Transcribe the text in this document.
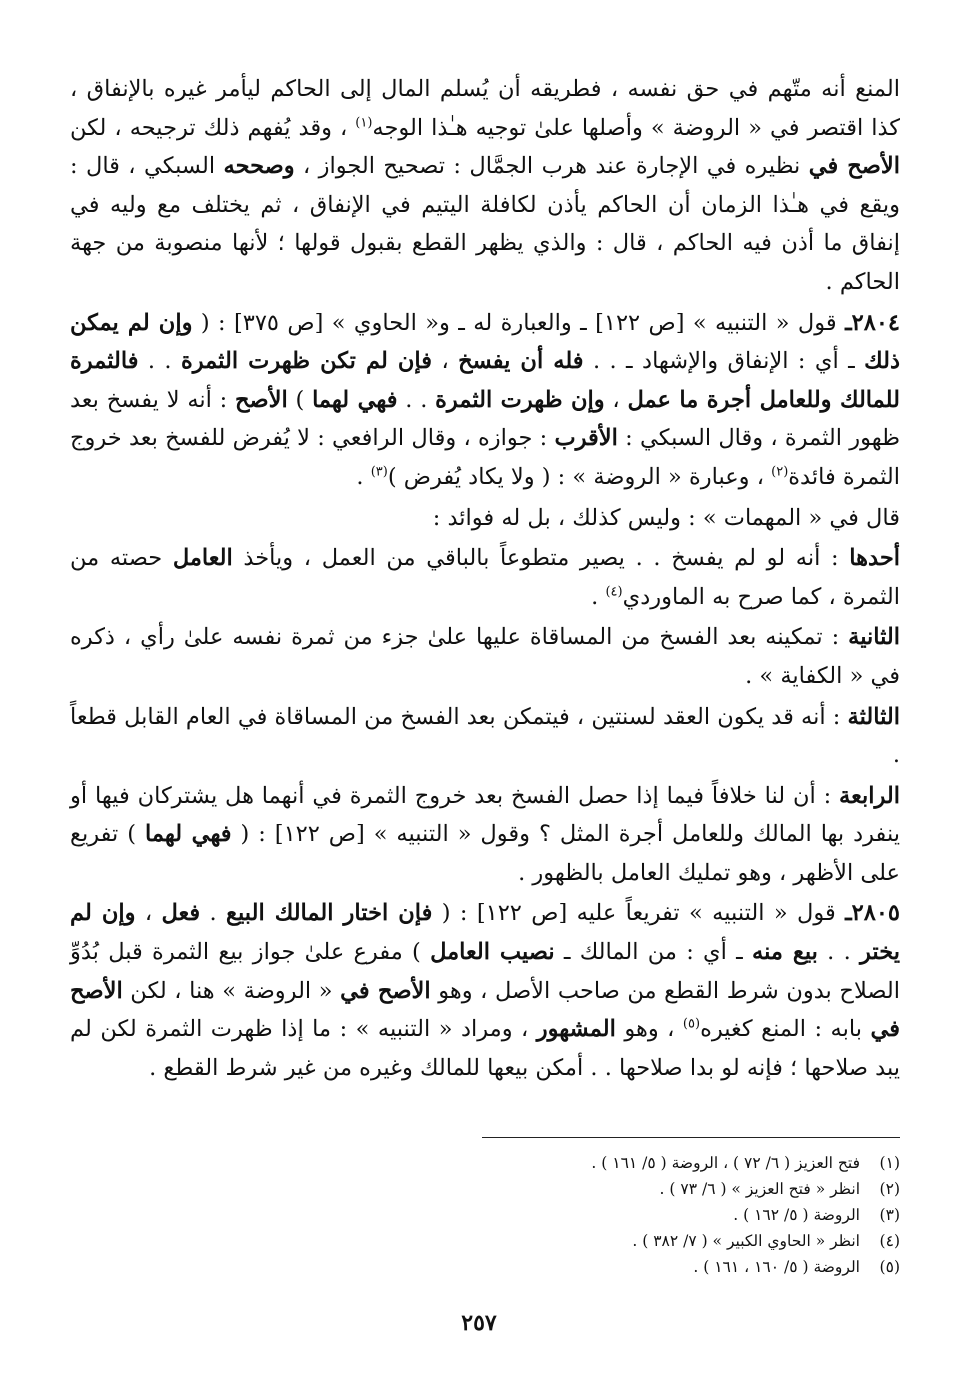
المنع أنه متّهم في حق نفسه ، فطريقه أن يُسلم المال إلى الحاكم ليأمر غيره بالإنفاق ، كذا اقتصر في « الروضة » وأصلها علىٰ توجيه هـٰذا الوجه$^{(١)}$ ، وقد يُفهم ذلك ترجيحه ، لكن الأصح في نظيره في الإجارة عند هرب الجمَّال : تصحيح الجواز ، وصححه السبكي ، قال : ويقع في هـٰذا الزمان أن الحاكم يأذن لكافلة اليتيم في الإنفاق ، ثم يختلف مع وليه في إنفاق ما أذن فيه الحاكم ، قال : والذي يظهر القطع بقبول قولها ؛ لأنها منصوبة من جهة الحاكم .
٢٨٠٤ـ قول « التنبيه » [ص ١٢٢] ـ والعبارة له ـ و« الحاوي » [ص ٣٧٥] : ( وإن لم يمكن ذلك ـ أي : الإنفاق والإشهاد ـ . . فله أن يفسخ ، فإن لم تكن ظهرت الثمرة . . فالثمرة للمالك وللعامل أجرة ما عمل ، وإن ظهرت الثمرة . . فهي لهما ) الأصح : أنه لا يفسخ بعد ظهور الثمرة ، وقال السبكي : الأقرب : جوازه ، وقال الرافعي : لا يُفرض للفسخ بعد خروج الثمرة فائدة$^{(٢)}$ ، وعبارة « الروضة » : ( ولا يكاد يُفرض )$^{(٣)}$ .
قال في « المهمات » : وليس كذلك ، بل له فوائد :
أحدها : أنه لو لم يفسخ . . يصير متطوعاً بالباقي من العمل ، ويأخذ العامل حصته من الثمرة ، كما صرح به الماوردي$^{(٤)}$ .
الثانية : تمكينه بعد الفسخ من المساقاة عليها علىٰ جزء من ثمرة نفسه علىٰ رأي ، ذكره في « الكفاية » .
الثالثة : أنه قد يكون العقد لسنتين ، فيتمكن بعد الفسخ من المساقاة في العام القابل قطعاً .
الرابعة : أن لنا خلافاً فيما إذا حصل الفسخ بعد خروج الثمرة في أنهما هل يشتركان فيها أو ينفرد بها المالك وللعامل أجرة المثل ؟ وقول « التنبيه » [ص ١٢٢] : ( فهي لهما ) تفريع على الأظهر ، وهو تمليك العامل بالظهور .
٢٨٠٥ـ قول « التنبيه » تفريعاً عليه [ص ١٢٢] : ( فإن اختار المالك البيع . فعل ، وإن لم يختر . . بيع منه ـ أي : من المالك ـ نصيب العامل ) مفرع علىٰ جواز بيع الثمرة قبل بُدُوِّ الصلاح بدون شرط القطع من صاحب الأصل ، وهو الأصح في « الروضة » هنا ، لكن الأصح في بابه : المنع كغيره$^{(٥)}$ ، وهو المشهور ، ومراد « التنبيه » : ما إذا ظهرت الثمرة لكن لم يبد صلاحها ؛ فإنه لو بدا صلاحها . . أمكن بيعها للمالك وغيره من غير شرط القطع .
(١)فتح العزيز ( ٦/ ٧٢ ) ، الروضة ( ٥/ ١٦١ ) .
(٢)انظر « فتح العزيز » ( ٦/ ٧٣ ) .
(٣)الروضة ( ٥/ ١٦٢ ) .
(٤)انظر « الحاوي الكبير » ( ٧/ ٣٨٢ ) .
(٥)الروضة ( ٥/ ١٦٠ ، ١٦١ ) .
٢٥٧
